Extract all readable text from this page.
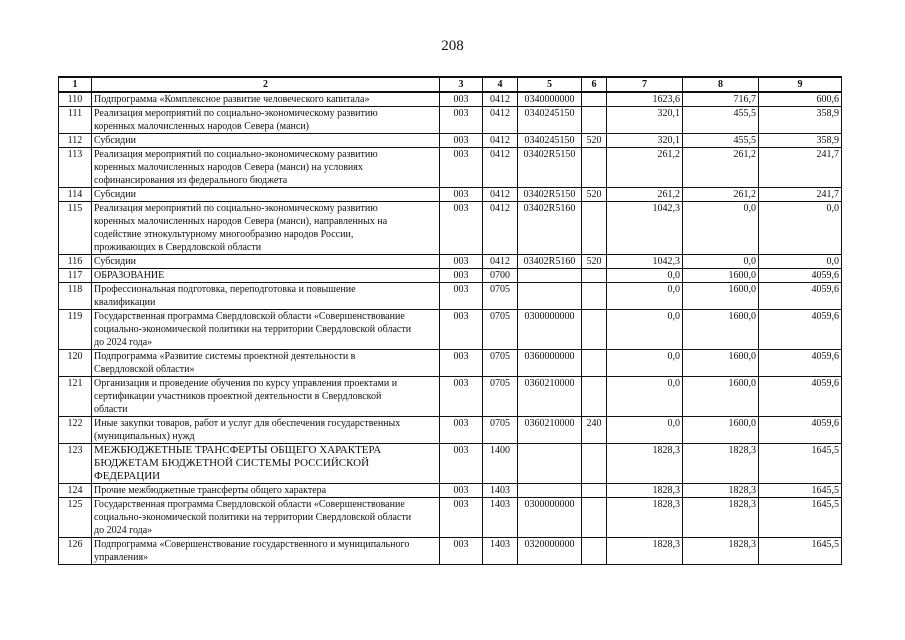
208
1	2	3	4	5	6	7	8	9
110	Подпрограмма «Комплексное развитие человеческого капитала»	003	0412	0340000000		1623,6	716,7	600,6
111	Реализация мероприятий по социально-экономическому развитию
коренных малочисленных народов Севера (манси)	003	0412	0340245150		320,1	455,5	358,9
112	Субсидии	003	0412	0340245150	520	320,1	455,5	358,9
113	Реализация мероприятий по социально-экономическому развитию
коренных малочисленных народов Севера (манси) на условиях
софинансирования из федерального бюджета	003	0412	03402R5150		261,2	261,2	241,7
114	Субсидии	003	0412	03402R5150	520	261,2	261,2	241,7
115	Реализация мероприятий по социально-экономическому развитию
коренных малочисленных народов Севера (манси), направленных на
содействие этнокультурному многообразию народов России,
проживающих в Свердловской области	003	0412	03402R5160		1042,3	0,0	0,0
116	Субсидии	003	0412	03402R5160	520	1042,3	0,0	0,0
117	ОБРАЗОВАНИЕ	003	0700			0,0	1600,0	4059,6
118	Профессиональная подготовка, переподготовка и повышение
квалификации	003	0705			0,0	1600,0	4059,6
119	Государственная программа Свердловской области «Совершенствование
социально-экономической политики на территории Свердловской области
до 2024 года»	003	0705	0300000000		0,0	1600,0	4059,6
120	Подпрограмма «Развитие системы проектной деятельности в
Свердловской области»	003	0705	0360000000		0,0	1600,0	4059,6
121	Организация и проведение обучения по курсу управления проектами и
сертификации участников проектной деятельности в Свердловской
области	003	0705	0360210000		0,0	1600,0	4059,6
122	Иные закупки товаров, работ и услуг для обеспечения государственных
(муниципальных) нужд	003	0705	0360210000	240	0,0	1600,0	4059,6
123	МЕЖБЮДЖЕТНЫЕ ТРАНСФЕРТЫ ОБЩЕГО ХАРАКТЕРА
БЮДЖЕТАМ БЮДЖЕТНОЙ СИСТЕМЫ РОССИЙСКОЙ ФЕДЕРАЦИИ	003	1400			1828,3	1828,3	1645,5
124	Прочие межбюджетные трансферты общего характера	003	1403			1828,3	1828,3	1645,5
125	Государственная программа Свердловской области «Совершенствование
социально-экономической политики на территории Свердловской области
до 2024 года»	003	1403	0300000000		1828,3	1828,3	1645,5
126	Подпрограмма «Совершенствование государственного и муниципального
управления»	003	1403	0320000000		1828,3	1828,3	1645,5
